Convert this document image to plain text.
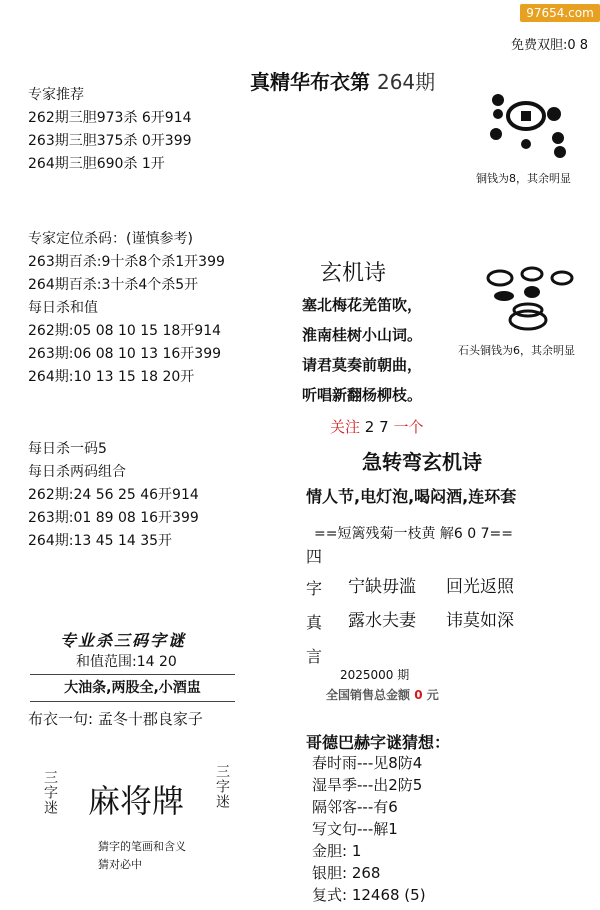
97654.com
免费双胆:0 8
真精华布衣第 264期
专家推荐
262期三胆973杀 6开914
263期三胆375杀 0开399
264期三胆690杀 1开
专家定位杀码：(谨慎参考)
263期百杀:9十杀8个杀1开399
264期百杀:3十杀4个杀5开
每日杀和值
262期:05 08 10 15 18开914
263期:06 08 10 13 16开399
264期:10 13 15 18 20开
每日杀一码5
每日杀两码组合
262期:24 56 25 46开914
263期:01 89 08 16开399
264期:13 45 14 35开
专业杀三码字谜
和值范围:14 20
大油条,两股全,小酒盅
布衣一句: 孟冬十郡良家子
三字迷	三字迷
麻将牌
猜字的笔画和含义
猜对必中
铜钱为8，其余明显
玄机诗
塞北梅花羌笛吹，
淮南桂树小山词。
请君莫奏前朝曲，
听唱新翻杨柳枝。
石头铜钱为6，其余明显
关注 2 7 一个
急转弯玄机诗
情人节,电灯泡,喝闷酒,连环套
==短篱残菊一枝黄 解6 0 7==
四
字
真
言
宁缺毋滥 回光返照
露水夫妻 讳莫如深
2025000 期
全国销售总金额 0 元
哥德巴赫字谜猜想：
春时雨---见8防4
湿旱季---出2防5
隔邻客---有6
写文句---解1
金胆: 1
银胆: 268
复式: 12468 (5)
